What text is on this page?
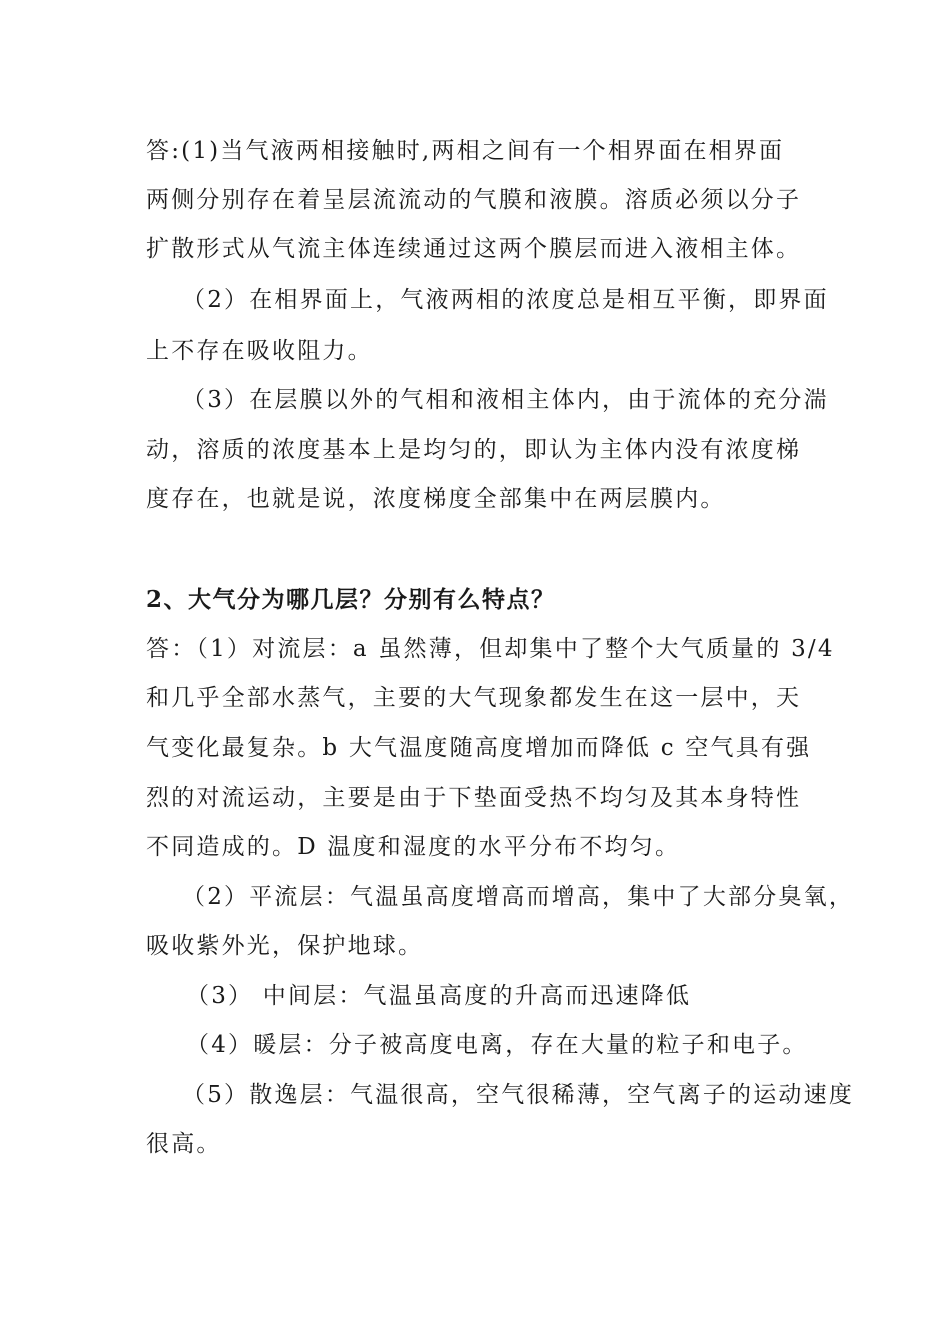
答:(1)当气液两相接触时,两相之间有一个相界面在相界面
两侧分别存在着呈层流流动的气膜和液膜。溶质必须以分子
扩散形式从气流主体连续通过这两个膜层而进入液相主体。
（2）在相界面上，气液两相的浓度总是相互平衡，即界面
上不存在吸收阻力。
（3）在层膜以外的气相和液相主体内，由于流体的充分湍
动，溶质的浓度基本上是均匀的，即认为主体内没有浓度梯
度存在，也就是说，浓度梯度全部集中在两层膜内。
2、大气分为哪几层？分别有么特点？
答：（1）对流层：a 虽然薄，但却集中了整个大气质量的 3/4
和几乎全部水蒸气，主要的大气现象都发生在这一层中，天
气变化最复杂。b 大气温度随高度增加而降低 c 空气具有强
烈的对流运动，主要是由于下垫面受热不均匀及其本身特性
不同造成的。D 温度和湿度的水平分布不均匀。
（2）平流层：气温虽高度增高而增高，集中了大部分臭氧，
吸收紫外光，保护地球。
（3） 中间层：气温虽高度的升高而迅速降低
（4）暖层：分子被高度电离，存在大量的粒子和电子。
（5）散逸层：气温很高，空气很稀薄，空气离子的运动速度
很高。
